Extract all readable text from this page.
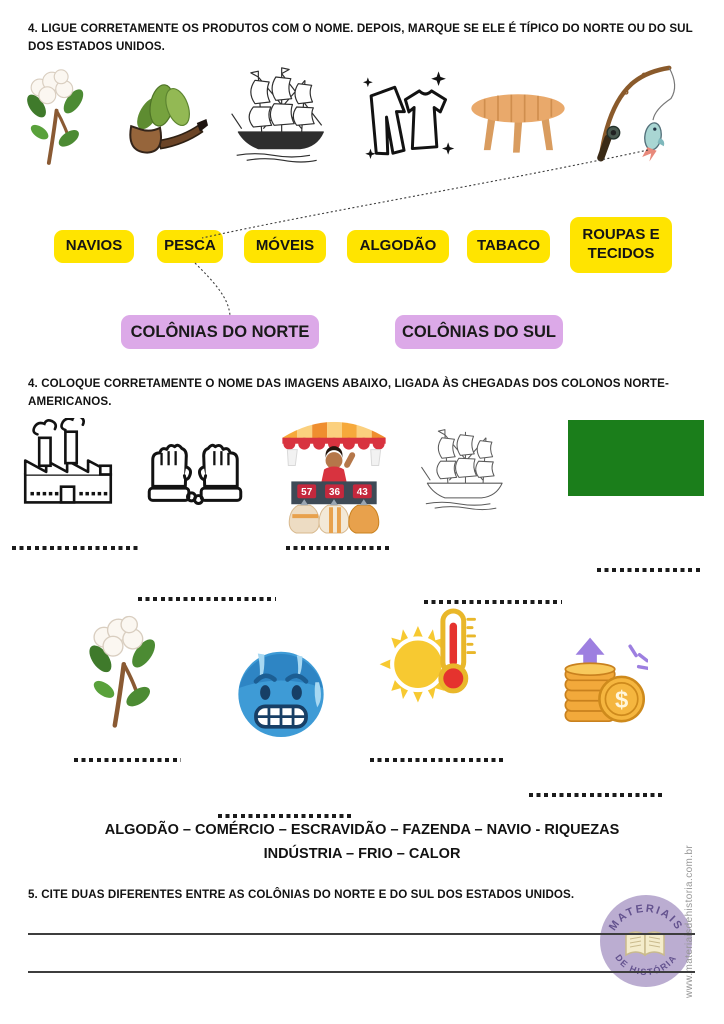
MATERIAIS
DE HISTÓRIA www.materiaisdehistoria.com.br

4. LIGUE CORRETAMENTE OS PRODUTOS COM O NOME. DEPOIS, MARQUE SE ELE É TÍPICO DO NORTE OU DO SUL DOS ESTADOS UNIDOS.

NAVIOS	PESCA	MÓVEIS	ALGODÃO	TABACO
ROUPAS E TECIDOS
COLÔNIAS DO NORTE	COLÔNIAS DO SUL

4. COLOQUE CORRETAMENTE O NOME DAS IMAGENS ABAIXO, LIGADA ÀS CHEGADAS DOS COLONOS NORTE-AMERICANOS.

57 36 43
$

ALGODÃO – COMÉRCIO – ESCRAVIDÃO – FAZENDA – NAVIO - RIQUEZAS

INDÚSTRIA – FRIO – CALOR

5. CITE DUAS DIFERENTES ENTRE AS COLÔNIAS DO NORTE E DO SUL DOS ESTADOS UNIDOS.
